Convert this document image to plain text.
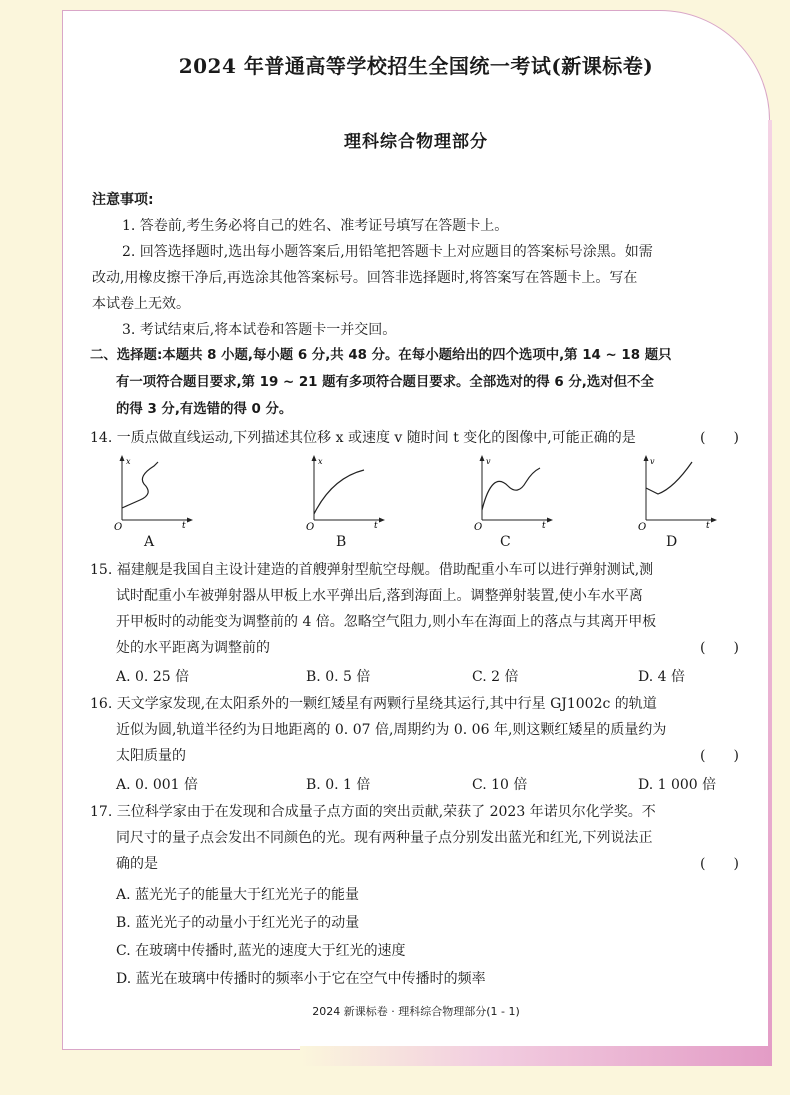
2024 年普通高等学校招生全国统一考试(新课标卷)
理科综合物理部分
注意事项:
1. 答卷前,考生务必将自己的姓名、准考证号填写在答题卡上。
2. 回答选择题时,选出每小题答案后,用铅笔把答题卡上对应题目的答案标号涂黑。如需
改动,用橡皮擦干净后,再选涂其他答案标号。回答非选择题时,将答案写在答题卡上。写在
本试卷上无效。
3. 考试结束后,将本试卷和答题卡一并交回。
二、选择题:本题共 8 小题,每小题 6 分,共 48 分。在每小题给出的四个选项中,第 14 ~ 18 题只
有一项符合题目要求,第 19 ~ 21 题有多项符合题目要求。全部选对的得 6 分,选对但不全
的得 3 分,有选错的得 0 分。
14. 一质点做直线运动,下列描述其位移 x 或速度 v 随时间 t 变化的图像中,可能正确的是	(　　)
x
t
O
A
x
t
O
B
v
t
O
C
v
t
O
D
15. 福建舰是我国自主设计建造的首艘弹射型航空母舰。借助配重小车可以进行弹射测试,测
试时配重小车被弹射器从甲板上水平弹出后,落到海面上。调整弹射装置,使小车水平离
开甲板时的动能变为调整前的 4 倍。忽略空气阻力,则小车在海面上的落点与其离开甲板
处的水平距离为调整前的	(　　)
A. 0. 25 倍	B. 0. 5 倍	C. 2 倍	D. 4 倍
16. 天文学家发现,在太阳系外的一颗红矮星有两颗行星绕其运行,其中行星 GJ1002c 的轨道
近似为圆,轨道半径约为日地距离的 0. 07 倍,周期约为 0. 06 年,则这颗红矮星的质量约为
太阳质量的	(　　)
A. 0. 001 倍	B. 0. 1 倍	C. 10 倍	D. 1 000 倍
17. 三位科学家由于在发现和合成量子点方面的突出贡献,荣获了 2023 年诺贝尔化学奖。不
同尺寸的量子点会发出不同颜色的光。现有两种量子点分别发出蓝光和红光,下列说法正
确的是	(　　)
A. 蓝光光子的能量大于红光光子的能量
B. 蓝光光子的动量小于红光光子的动量
C. 在玻璃中传播时,蓝光的速度大于红光的速度
D. 蓝光在玻璃中传播时的频率小于它在空气中传播时的频率
2024 新课标卷 · 理科综合物理部分(1 - 1)
